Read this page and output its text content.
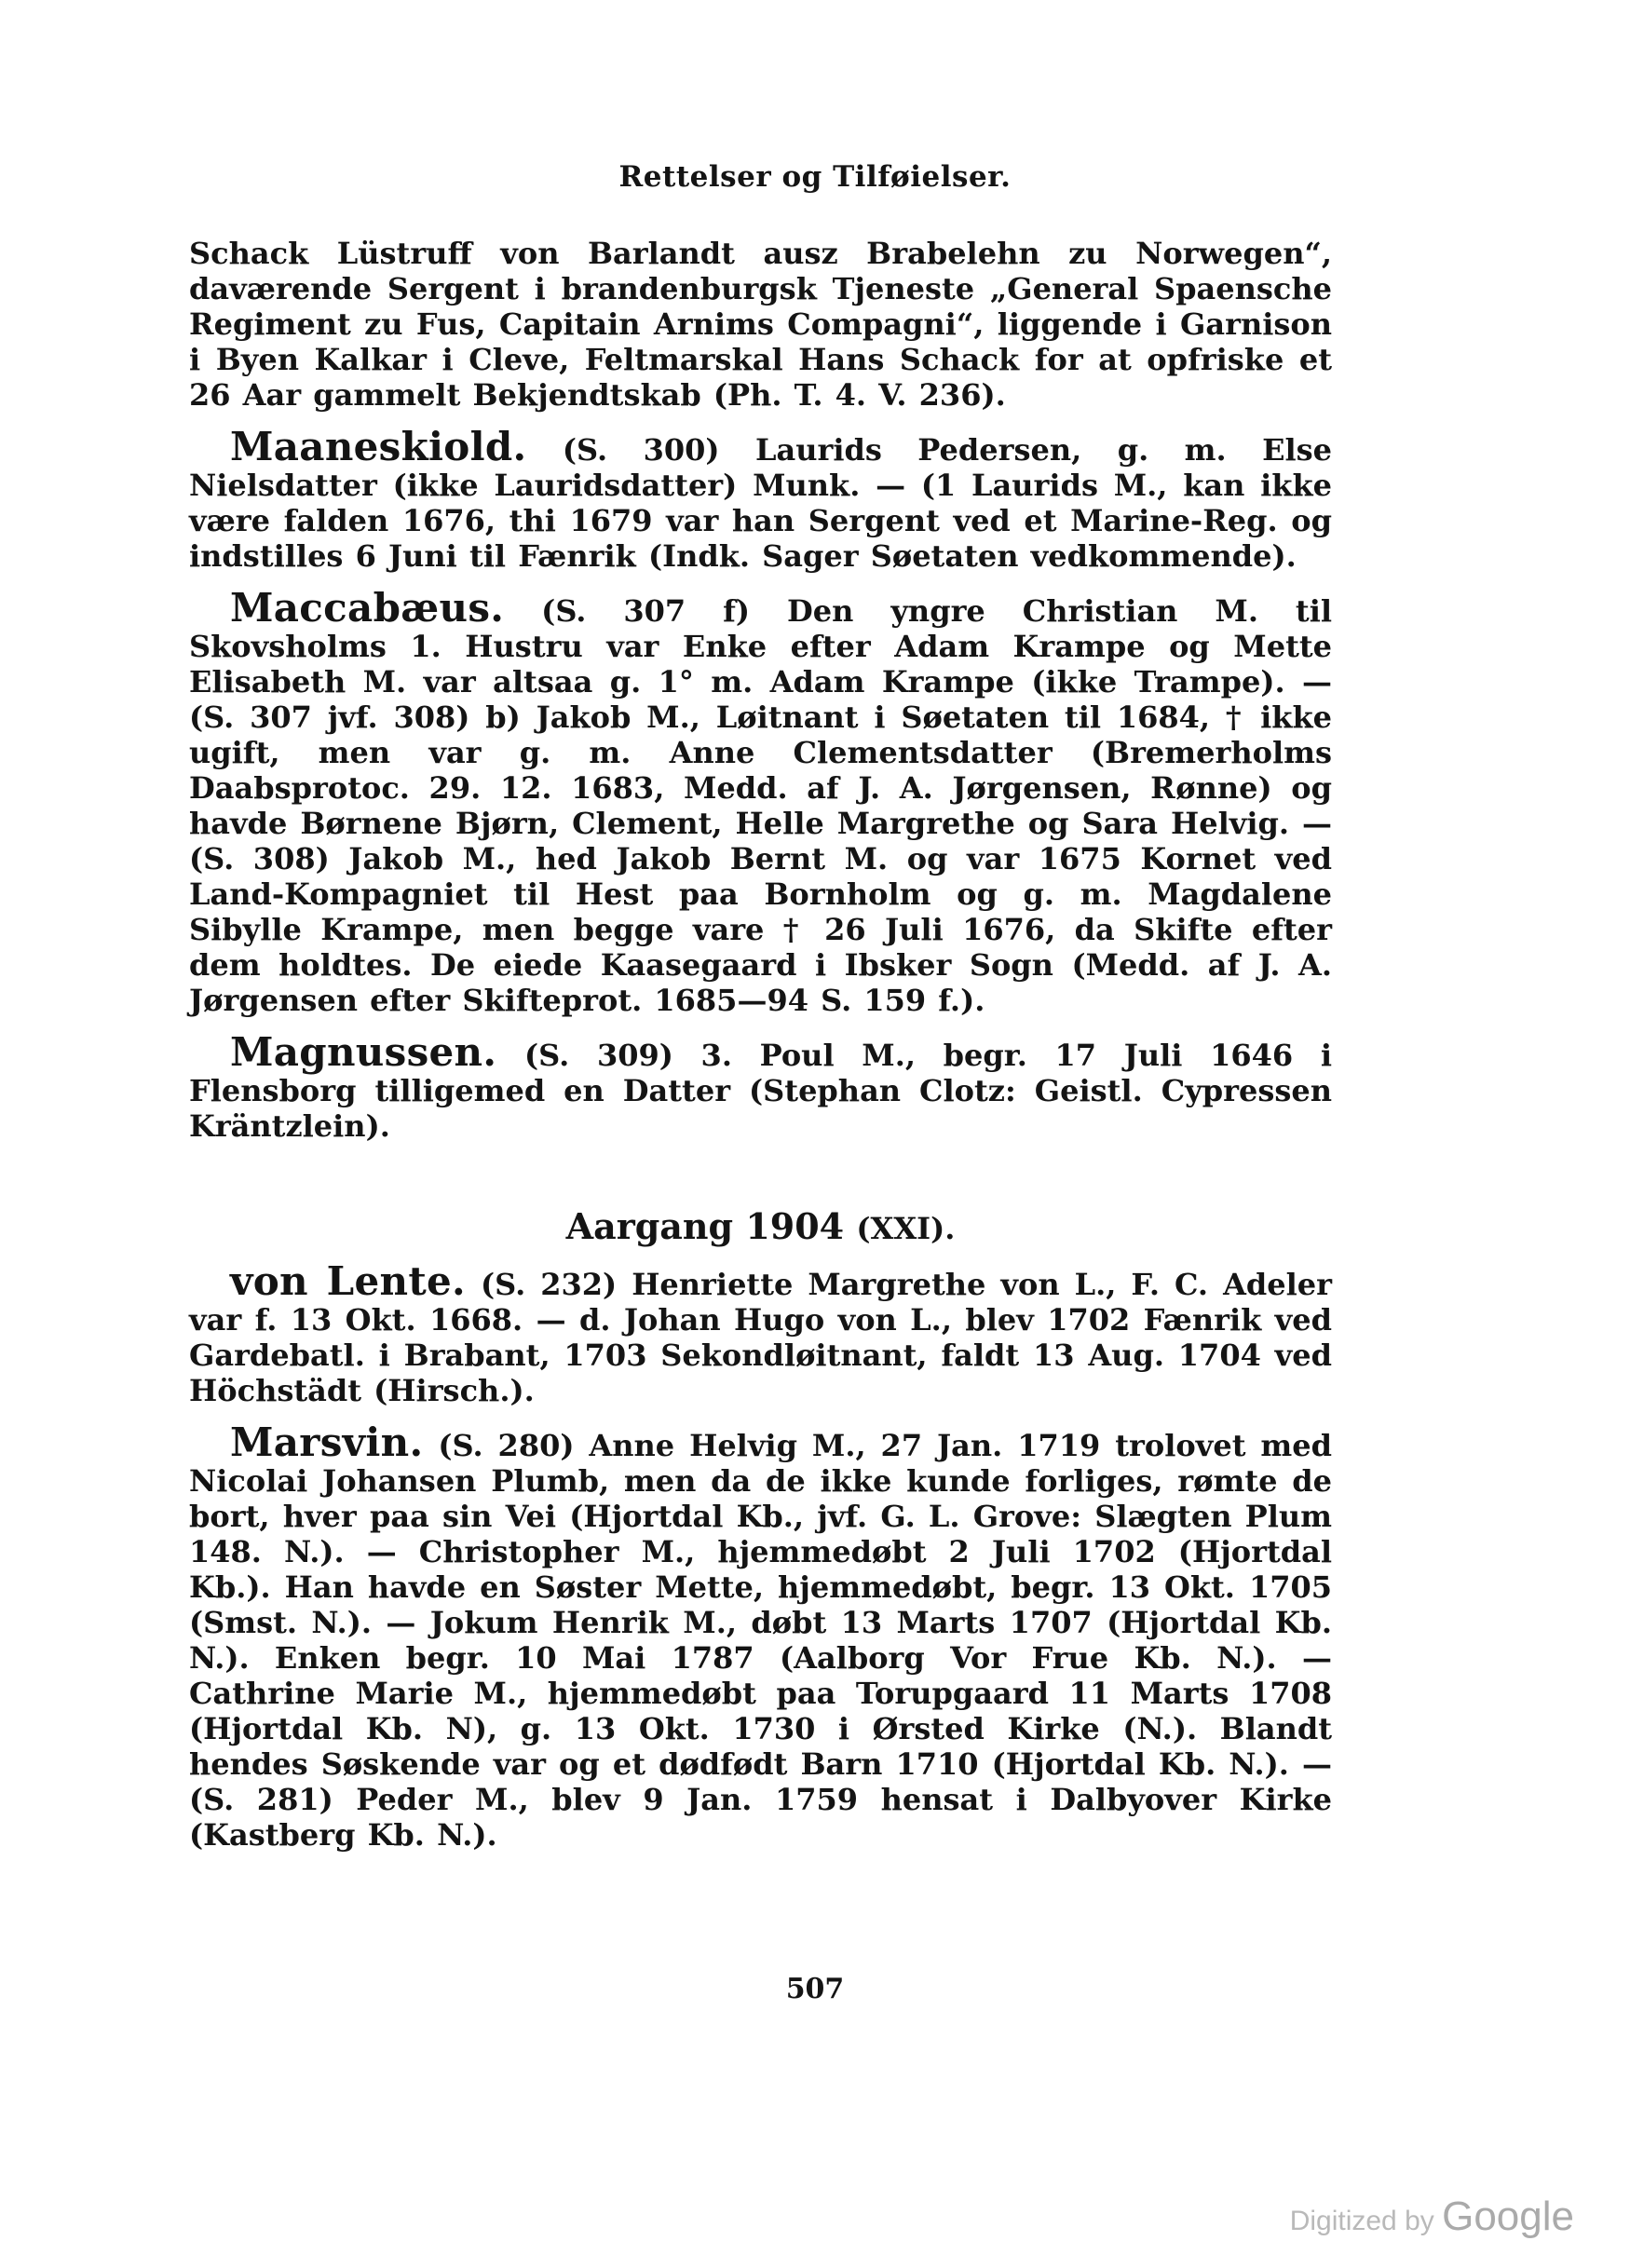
Rettelser og Tilføielser.

Schack Lüstruff von Barlandt ausz Brabelehn zu Norwegen“, daværende Sergent i brandenburgsk Tjeneste „General Spaensche Regiment zu Fus, Capitain Arnims Compagni“, liggende i Garnison i Byen Kalkar i Cleve, Feltmarskal Hans Schack for at opfriske et 26 Aar gammelt Bekjendtskab (Ph. T. 4. V. 236).

Maaneskiold. (S. 300) Laurids Pedersen, g. m. Else Nielsdatter (ikke Lauridsdatter) Munk. — (1 Laurids M., kan ikke være falden 1676, thi 1679 var han Sergent ved et Marine-Reg. og indstilles 6 Juni til Fænrik (Indk. Sager Søetaten vedkommende).

Maccabæus. (S. 307 f) Den yngre Christian M. til Skovsholms 1. Hustru var Enke efter Adam Krampe og Mette Elisabeth M. var altsaa g. 1° m. Adam Krampe (ikke Trampe). — (S. 307 jvf. 308) b) Jakob M., Løitnant i Søetaten til 1684, † ikke ugift, men var g. m. Anne Clementsdatter (Bremerholms Daabsprotoc. 29. 12. 1683, Medd. af J. A. Jørgensen, Rønne) og havde Børnene Bjørn, Clement, Helle Margrethe og Sara Helvig. — (S. 308) Jakob M., hed Jakob Bernt M. og var 1675 Kornet ved Land-Kompagniet til Hest paa Bornholm og g. m. Magdalene Sibylle Krampe, men begge vare † 26 Juli 1676, da Skifte efter dem holdtes. De eiede Kaasegaard i Ibsker Sogn (Medd. af J. A. Jørgensen efter Skifteprot. 1685—94 S. 159 f.).

Magnussen. (S. 309) 3. Poul M., begr. 17 Juli 1646 i Flensborg tilligemed en Datter (Stephan Clotz: Geistl. Cypressen Kräntzlein).

Aargang 1904 (XXI).

von Lente. (S. 232) Henriette Margrethe von L., F. C. Adeler var f. 13 Okt. 1668. — d. Johan Hugo von L., blev 1702 Fænrik ved Gardebatl. i Brabant, 1703 Sekondløitnant, faldt 13 Aug. 1704 ved Höchstädt (Hirsch.).

Marsvin. (S. 280) Anne Helvig M., 27 Jan. 1719 trolovet med Nicolai Johansen Plumb, men da de ikke kunde forliges, rømte de bort, hver paa sin Vei (Hjortdal Kb., jvf. G. L. Grove: Slægten Plum 148. N.). — Christopher M., hjemmedøbt 2 Juli 1702 (Hjortdal Kb.). Han havde en Søster Mette, hjemmedøbt, begr. 13 Okt. 1705 (Smst. N.). — Jokum Henrik M., døbt 13 Marts 1707 (Hjortdal Kb. N.). Enken begr. 10 Mai 1787 (Aalborg Vor Frue Kb. N.). — Cathrine Marie M., hjemmedøbt paa Torupgaard 11 Marts 1708 (Hjortdal Kb. N), g. 13 Okt. 1730 i Ørsted Kirke (N.). Blandt hendes Søskende var og et dødfødt Barn 1710 (Hjortdal Kb. N.). — (S. 281) Peder M., blev 9 Jan. 1759 hensat i Dalbyover Kirke (Kastberg Kb. N.).

507
Digitized by Google
